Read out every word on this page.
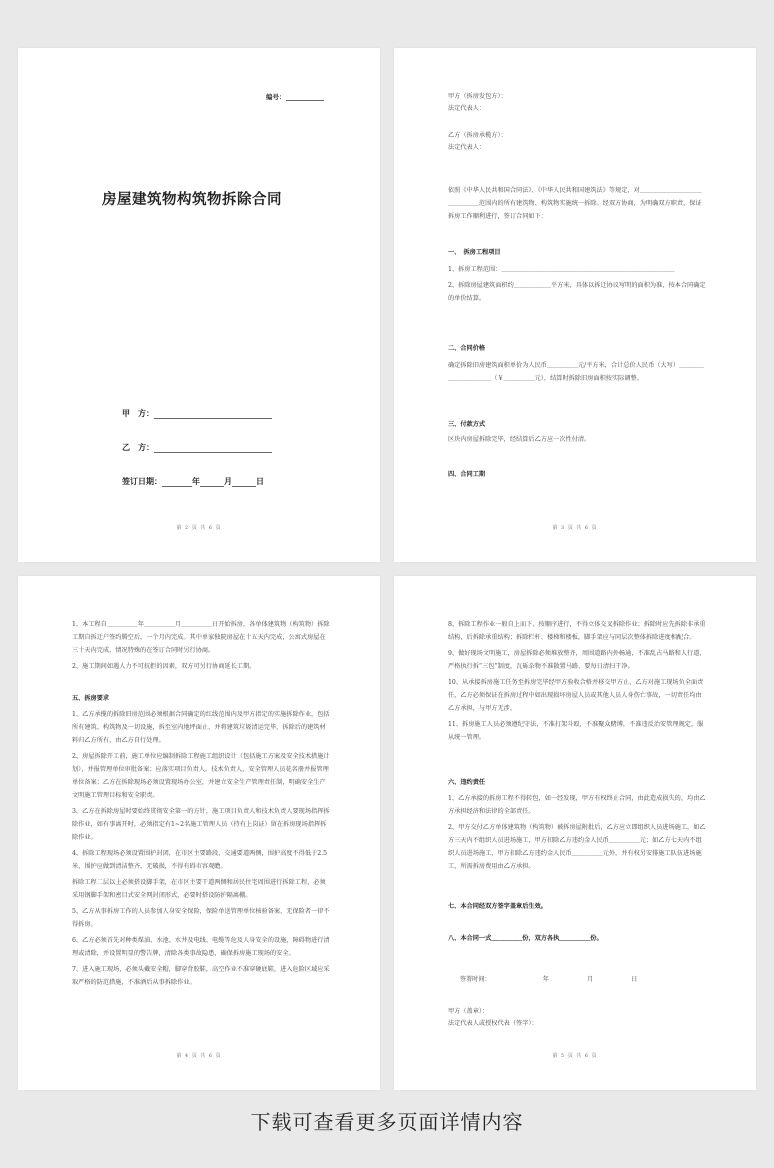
编号：
房屋建筑物构筑物拆除合同
甲　方：
乙　方：
签订日期：	年	月	日
第 2 页 共 6 页

甲方（拆房发包方）：

法定代表人：

乙方（拆房承揽方）：

法定代表人：

依照《中华人民共和国合同法》、《中华人民共和国建筑法》等规定，对＿＿＿＿＿＿＿＿＿＿＿＿＿＿＿范围内的所有建筑物、构筑物实施统一拆除。经双方协商，为明确双方职责，保证拆房工作顺利进行，签订合同如下：

一、　拆房工程项目

1、拆房工程范围：＿＿＿＿＿＿＿＿＿＿＿＿＿＿＿＿＿＿＿＿＿＿＿＿＿＿＿＿

2、拆除房屋建筑面积约＿＿＿＿＿＿平方米，具体以拆迁协议写明的面积为准，按本合同确定的单价结算。

二、合同价格

确定拆除旧房建筑面积单价为人民币＿＿＿＿＿元/平方米，合计总价人民币（大写）＿＿＿＿＿＿＿＿＿＿＿（￥＿＿＿＿＿元），结算时拆除旧房面积按实际调整。

三、付款方式

区块内房屋拆除完毕，经结算后乙方应一次性付清。

四、合同工期

第 3 页 共 6 页

1、本工程自＿＿＿＿＿年＿＿＿＿＿月＿＿＿＿＿日开始拆房，各单体建筑物（构筑物）拆除工期自拆迁户签约腾空后，一个月内完成。其中单家独院房屋在十五天内完成，公寓式房屋在三十天内完成，情况特殊的在签订合同时另行协商。

2、施工期间如遇人力不可抗拒的因素，双方可另行协商延长工期。

五、拆房要求

1、乙方承揽的拆除旧房范围必须根据合同确定的红线范围内及甲方指定的实施拆除作业，包括所有建筑、构筑物及一切设施，拆至室内地坪面止，并将建筑垃圾清运完毕，拆除后的建筑材料归乙方所有，由乙方自行处理。

2、房屋拆除开工前，施工单位应编制拆除工程施工组织设计（包括施工方案及安全技术措施计划），并报管理单位审批备案；应落实项目负责人，技术负责人，安全管理人员花名册并报管理单位备案；乙方在拆除现场必须设置现场办公室，并建立安全生产管理责任制，明确安全生产文明施工管理目标和安全职责。

3、乙方在拆除房屋时要始终贯彻安全第一的方针，施工项目负责人和技术负责人要现场指挥拆除作业，如有事离开时，必须指定有1~2名施工管理人员（持有上岗证）留在拆房现场指挥拆除作业。

4、拆除工程现场必须设置围护封闭，在市区主要路段、交通要道两侧，围护高度不得低于2.5米，围护应做到清洁整齐、无破损，不得有碍市容观瞻。

拆除工程二层以上必须搭设脚手架，在市区主要干道两侧和居民住宅周围进行拆除工程，必须采用钢脚手架和密目式安全网封闭形式，必要时搭设防护隔离棚。

5、乙方从事拆房工作的人员参加人身安全保险，保险单送管理单位核验备案，无保险者一律不得拆房。

6、乙方必须首先对种类煤油、水池、水井及电线、电缆等危及人身安全的设施，障碍物进行清理或清除，并设置明显的警告牌，清除各类事故隐患，确保拆房施工现场的安全。

7、进入施工现场，必须头戴安全帽，脚穿背胶鞋，高空作业不准穿硬底鞋，进入危险区域应采取严格的防范措施，不准酒后从事拆除作业。

第 4 页 共 6 页

8、拆除工程作业一般自上而下、按顺序进行，不得立体交叉拆除作业；拆除时应先拆除非承重结构，后拆除承重结构；拆除栏杆、楼梯和楼板，脚手架应与同层次整体拆除进度相配合。

9、做好现场文明施工，房屋拆除必须堆放整齐，周围道路内外畅通，不准乱占马路和人行道，严格执行拆“三包”制度，瓦砾杂物不准散置马路，要每日清扫干净。

10、从承接拆房施工任务至拆房完毕经甲方验收合格并移交甲方止，乙方对施工现场负全面责任，乙方必须保证在拆房过程中如出现损坏房屋人员或其他人员人身伤亡事故，一切责任均由乙方承担，与甲方无涉。

11、拆房施工人员必须遵纪守法，不准打架斗殴，不准聚众赌博，不准违反治安管理规定，服从统一管理。

六、违约责任

1、乙方承接的拆房工程不得转包，如一经发现，甲方有权终止合同，由此造成损失的，均由乙方承担经济和法律的全部责任。

2、甲方交付乙方单体建筑物（构筑物）被拆房屋附批后，乙方应立即组织人员进场施工，如乙方三天内不组织人员进场施工，甲方扣除乙方违约金人民币＿＿＿＿＿元；如乙方七天内不组织人员进场施工，甲方扣除乙方违约金人民币＿＿＿＿＿元外，并有权另安排施工队伍进场施工，所需拆房费用由乙方承担。

七、本合同经双方签字盖章后生效。

八、本合同一式＿＿＿＿＿份，双方各执＿＿＿＿＿份。

签署时间：	年	月	日

甲方（盖章）：

法定代表人或授权代表（签字）：

第 5 页 共 6 页
下载可查看更多页面详情内容
